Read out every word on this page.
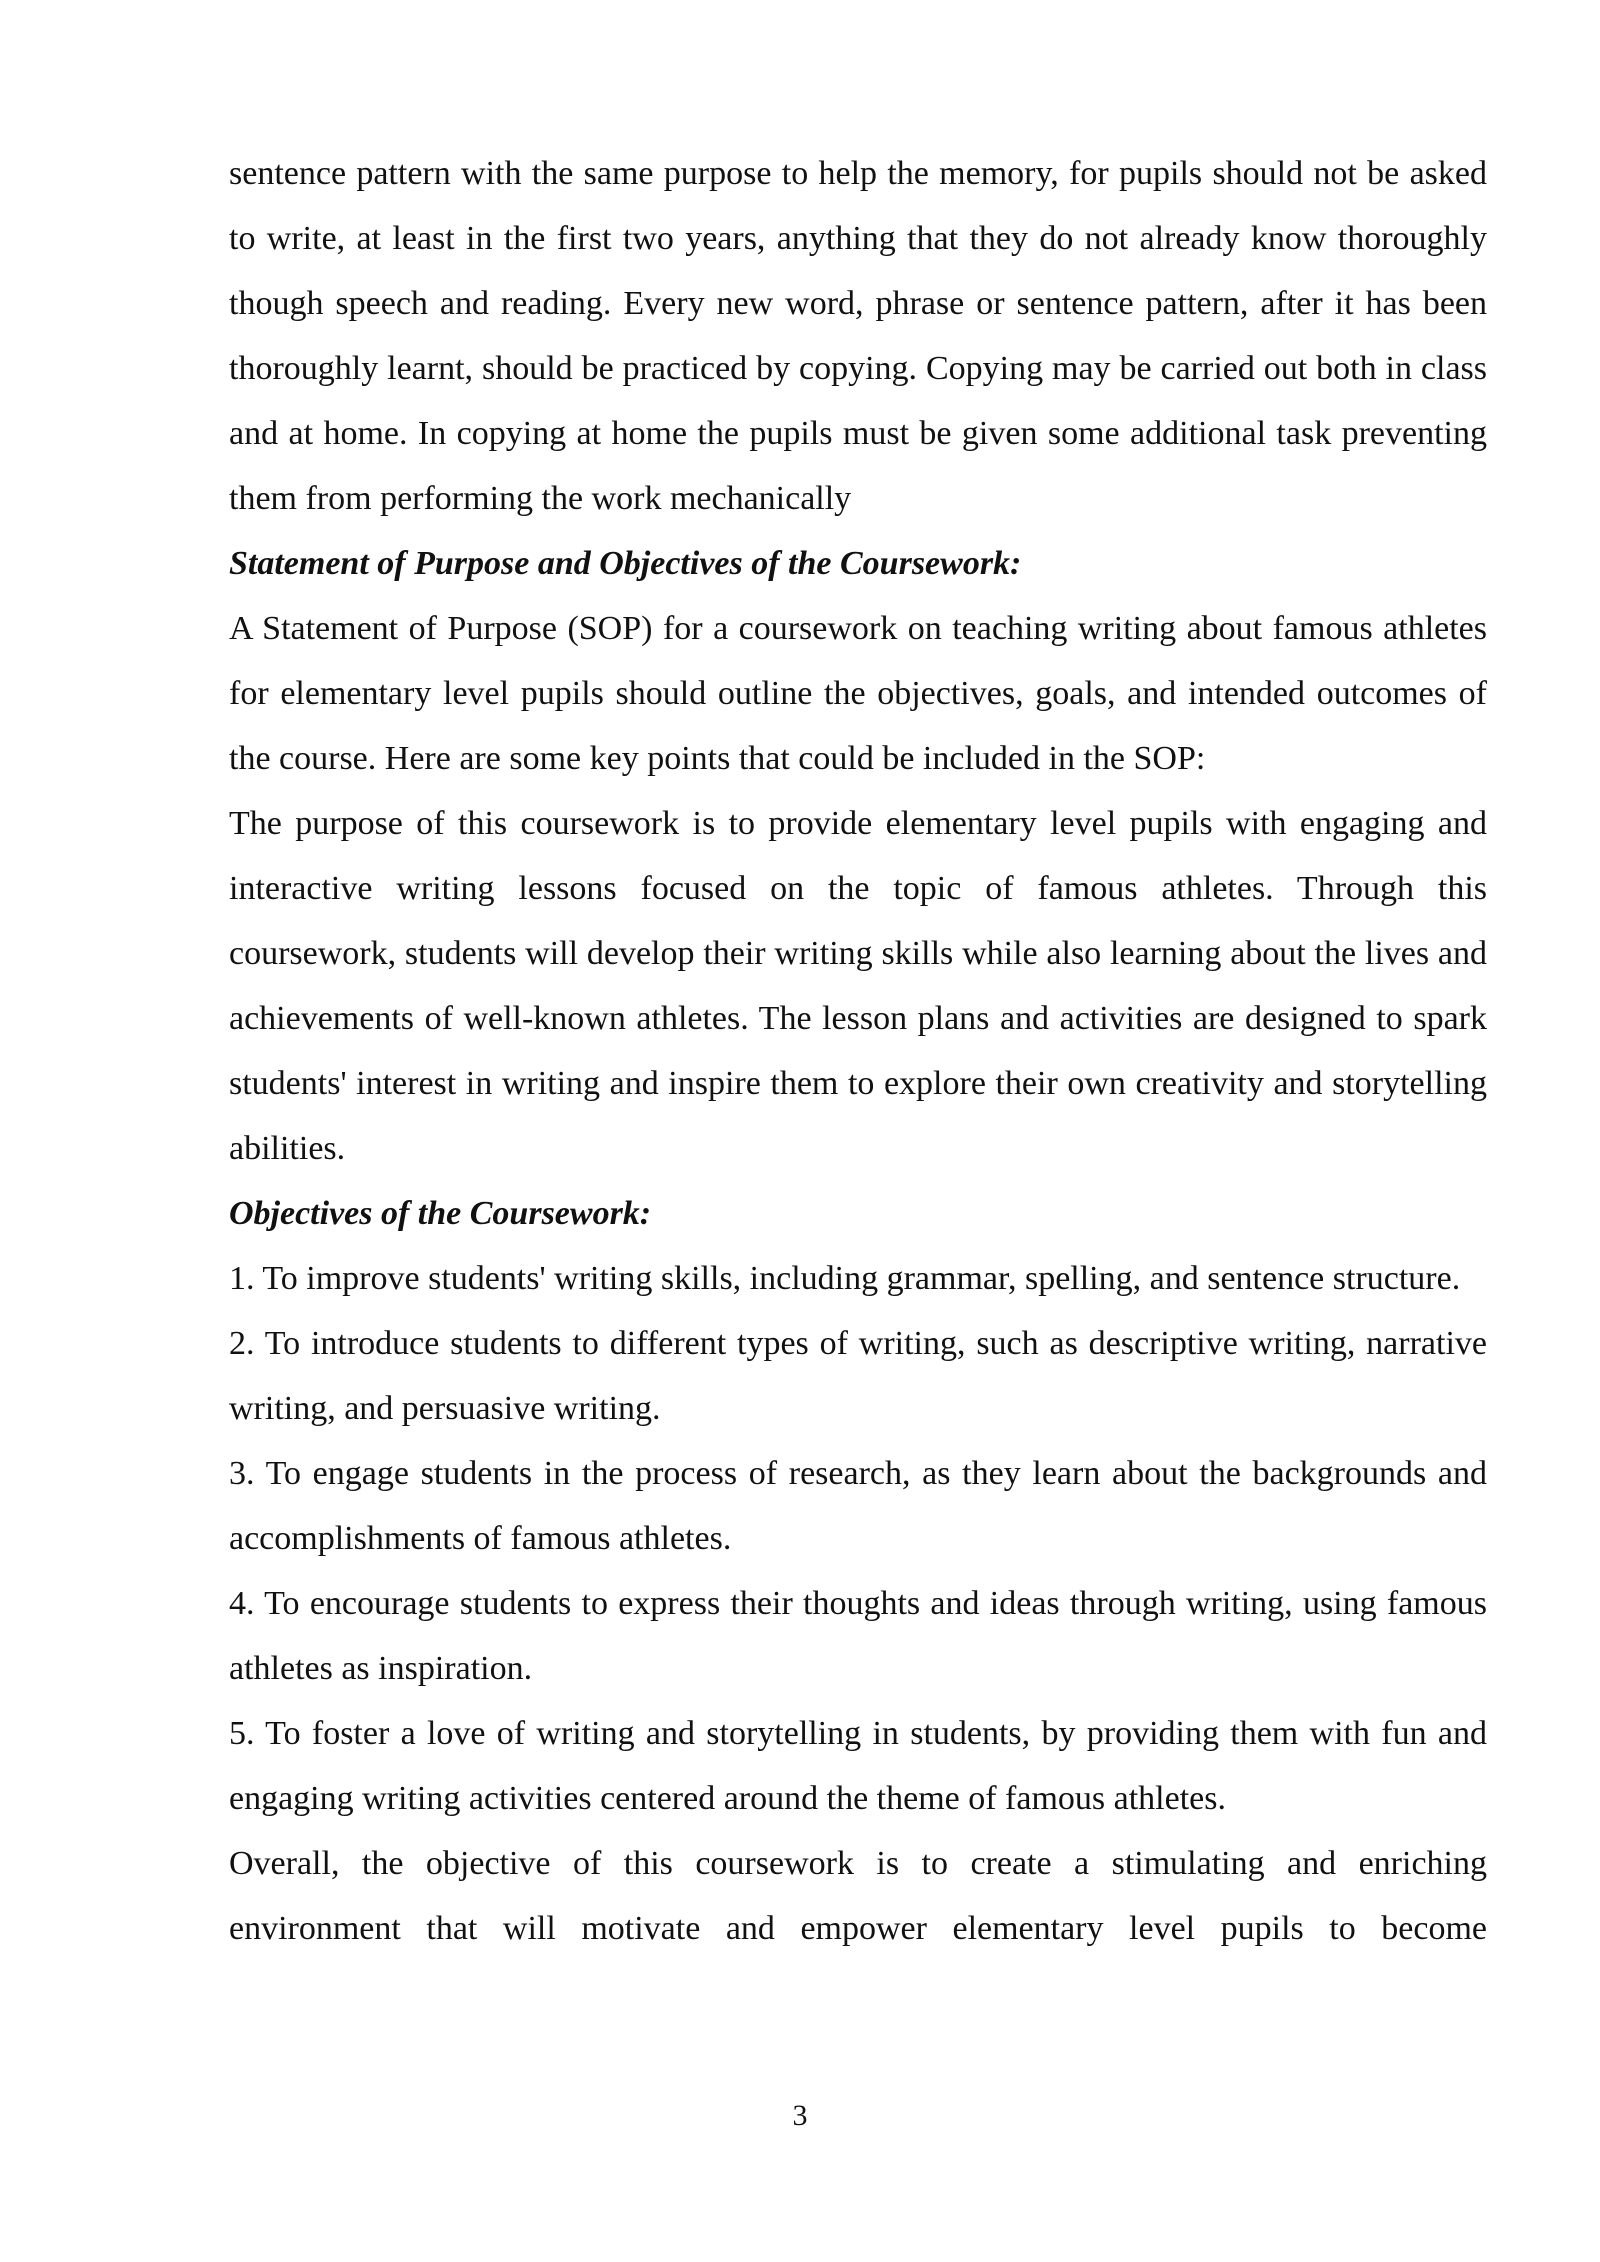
sentence pattern with the same purpose to help the memory, for pupils should not be asked to write, at least in the first two years, anything that they do not already know thoroughly though speech and reading. Every new word, phrase or sentence pattern, after it has been thoroughly learnt, should be practiced by copying. Copying may be carried out both in class and at home. In copying at home the pupils must be given some additional task preventing them from performing the work mechanically

Statement of Purpose and Objectives of the Coursework:

A Statement of Purpose (SOP) for a coursework on teaching writing about famous athletes for elementary level pupils should outline the objectives, goals, and intended outcomes of the course. Here are some key points that could be included in the SOP:

The purpose of this coursework is to provide elementary level pupils with engaging and interactive writing lessons focused on the topic of famous athletes. Through this coursework, students will develop their writing skills while also learning about the lives and achievements of well-known athletes. The lesson plans and activities are designed to spark students' interest in writing and inspire them to explore their own creativity and storytelling abilities.

Objectives of the Coursework:

1. To improve students' writing skills, including grammar, spelling, and sentence structure.

2. To introduce students to different types of writing, such as descriptive writing, narrative writing, and persuasive writing.

3. To engage students in the process of research, as they learn about the backgrounds and accomplishments of famous athletes.

4. To encourage students to express their thoughts and ideas through writing, using famous athletes as inspiration.

5. To foster a love of writing and storytelling in students, by providing them with fun and engaging writing activities centered around the theme of famous athletes.

Overall, the objective of this coursework is to create a stimulating and enriching environment that will motivate and empower elementary level pupils to become

3
